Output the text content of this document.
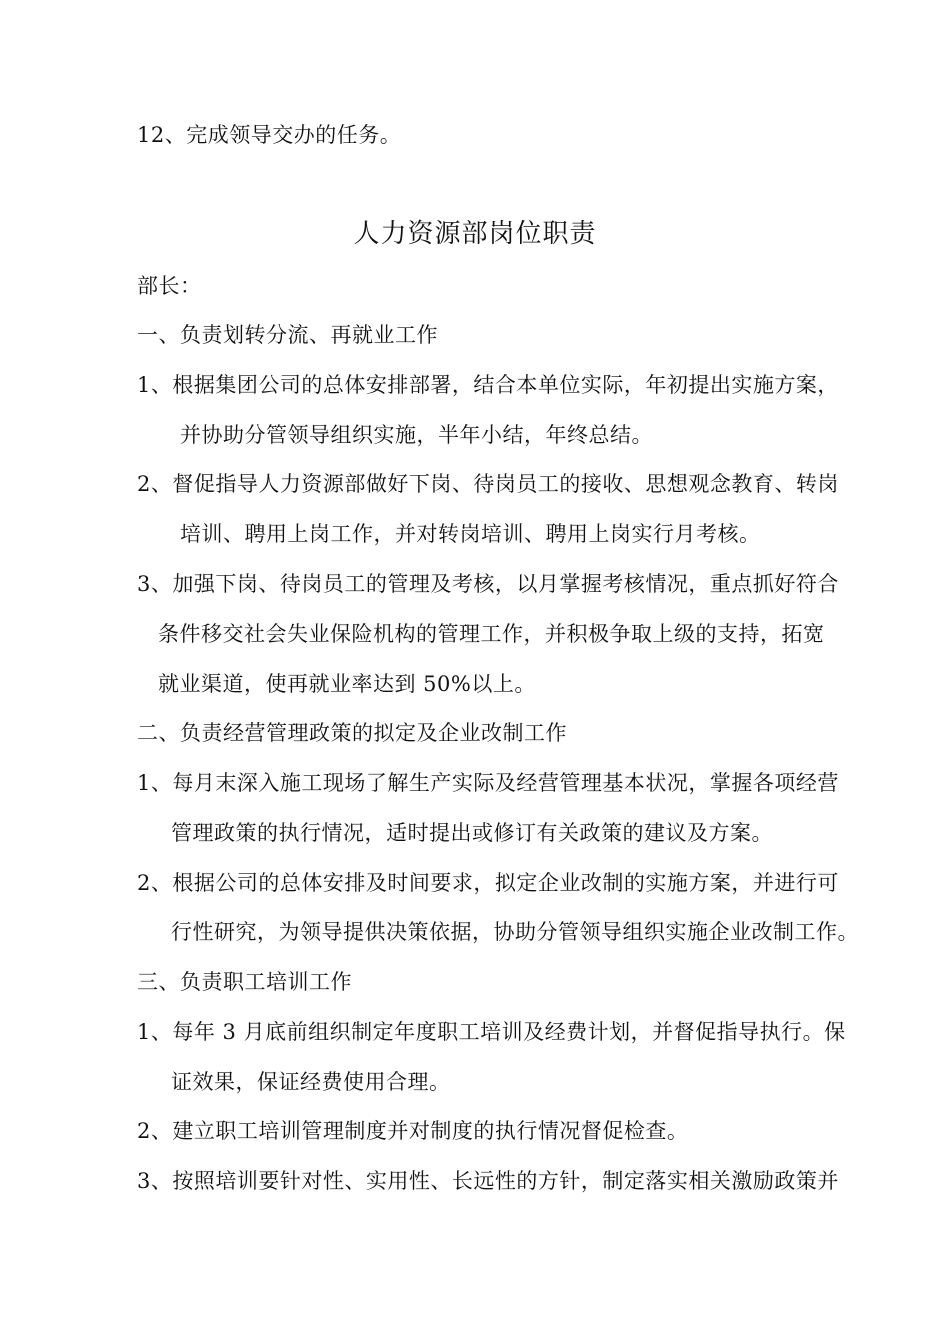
12、完成领导交办的任务。
人力资源部岗位职责
部长：
一、负责划转分流、再就业工作
1、根据集团公司的总体安排部署，结合本单位实际，年初提出实施方案，
并协助分管领导组织实施，半年小结，年终总结。
2、督促指导人力资源部做好下岗、待岗员工的接收、思想观念教育、转岗
培训、聘用上岗工作，并对转岗培训、聘用上岗实行月考核。
3、加强下岗、待岗员工的管理及考核，以月掌握考核情况，重点抓好符合
条件移交社会失业保险机构的管理工作，并积极争取上级的支持，拓宽
就业渠道，使再就业率达到 50%以上。
二、负责经营管理政策的拟定及企业改制工作
1、每月末深入施工现场了解生产实际及经营管理基本状况，掌握各项经营
管理政策的执行情况，适时提出或修订有关政策的建议及方案。
2、根据公司的总体安排及时间要求，拟定企业改制的实施方案，并进行可
行性研究，为领导提供决策依据，协助分管领导组织实施企业改制工作。
三、负责职工培训工作
1、每年 3 月底前组织制定年度职工培训及经费计划，并督促指导执行。保
证效果，保证经费使用合理。
2、建立职工培训管理制度并对制度的执行情况督促检查。
3、按照培训要针对性、实用性、长远性的方针，制定落实相关激励政策并
